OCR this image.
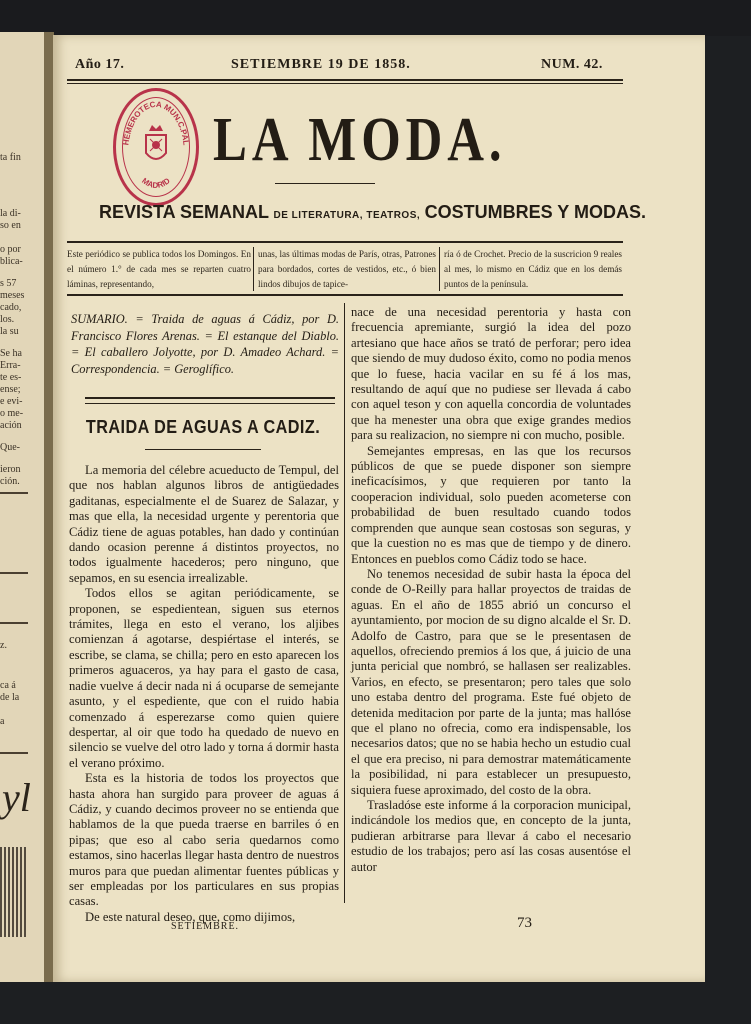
yl
ta fin
la di-
so en
o por
blica-
s 57
meses
cado,
los.
la su
Se ha
Erra-
te es-
ense;
e evi-
o me-
ación
Que-
ieron
ción.
z.
ca á
de la
a
Año 17.	SETIEMBRE 19 DE 1858.	NUM. 42.
HEMEROTECA MUN.C.PAL
MADRID
LA MODA.
REVISTA SEMANAL DE LITERATURA, TEATROS, COSTUMBRES Y MODAS.
Este periódico se publica todos los Domingos. En el número 1.° de cada mes se reparten cuatro láminas, representando,
unas, las últimas modas de París, otras, Patrones para bordados, cortes de vestidos, etc., ó bien lindos dibujos de tapice-
ría ó de Crochet. Precio de la suscricion 9 reales al mes, lo mismo en Cádiz que en los demás puntos de la península.

SUMARIO. = Traida de aguas á Cádiz, por D. Francisco Flores Arenas. = El estanque del Diablo. = El caballero Jolyotte, por D. Amadeo Achard. = Correspondencia. = Geroglífico.

TRAIDA DE AGUAS A CADIZ.

La memoria del célebre acueducto de Tempul, del que nos hablan algunos libros de antigüedades gaditanas, especialmente el de Suarez de Salazar, y mas que ella, la necesidad urgente y perentoria que Cádiz tiene de aguas potables, han dado y continúan dando ocasion perenne á distintos proyectos, no todos igualmente hacederos; pero ninguno, que sepamos, en su esencia irrealizable.

Todos ellos se agitan periódicamente, se proponen, se espedientean, siguen sus eternos trámites, llega en esto el verano, los aljibes comienzan á agotarse, despiértase el interés, se escribe, se clama, se chilla; pero en esto aparecen los primeros aguaceros, ya hay para el gasto de casa, nadie vuelve á decir nada ni á ocuparse de semejante asunto, y el espediente, que con el ruido habia comenzado á esperezarse como quien quiere despertar, al oir que todo ha quedado de nuevo en silencio se vuelve del otro lado y torna á dormir hasta el verano próximo.

Esta es la historia de todos los proyectos que hasta ahora han surgido para proveer de aguas á Cádiz, y cuando decimos proveer no se entienda que hablamos de la que pueda traerse en barriles ó en pipas; que eso al cabo seria quedarnos como estamos, sino hacerlas llegar hasta dentro de nuestros muros para que puedan alimentar fuentes públicas y ser empleadas por los particulares en sus propias casas.

De este natural deseo, que, como dijimos,

nace de una necesidad perentoria y hasta con frecuencia apremiante, surgió la idea del pozo artesiano que hace años se trató de perforar; pero idea que siendo de muy dudoso éxito, como no podia menos que lo fuese, hacia vacilar en su fé á los mas, resultando de aquí que no pudiese ser llevada á cabo con aquel teson y con aquella concordia de voluntades que ha menester una obra que exige grandes medios para su realizacion, no siempre ni con mucho, posible.

Semejantes empresas, en las que los recursos públicos de que se puede disponer son siempre ineficacísimos, y que requieren por tanto la cooperacion individual, solo pueden acometerse con probabilidad de buen resultado cuando todos comprenden que aunque sean costosas son seguras, y que la cuestion no es mas que de tiempo y de dinero. Entonces en pueblos como Cádiz todo se hace.

No tenemos necesidad de subir hasta la época del conde de O-Reilly para hallar proyectos de traidas de aguas. En el año de 1855 abrió un concurso el ayuntamiento, por mocion de su digno alcalde el Sr. D. Adolfo de Castro, para que se le presentasen de aquellos, ofreciendo premios á los que, á juicio de una junta pericial que nombró, se hallasen ser realizables. Varios, en efecto, se presentaron; pero tales que solo uno estaba dentro del programa. Este fué objeto de detenida meditacion por parte de la junta; mas hallóse que el plano no ofrecia, como era indispensable, los necesarios datos; que no se habia hecho un estudio cual el que era preciso, ni para demostrar matemáticamente la posibilidad, ni para establecer un presupuesto, siquiera fuese aproximado, del costo de la obra.

Trasladóse este informe á la corporacion municipal, indicándole los medios que, en concepto de la junta, pudieran arbitrarse para llevar á cabo el necesario estudio de los trabajos; pero así las cosas ausentóse el autor

SETIEMBRE.	73
